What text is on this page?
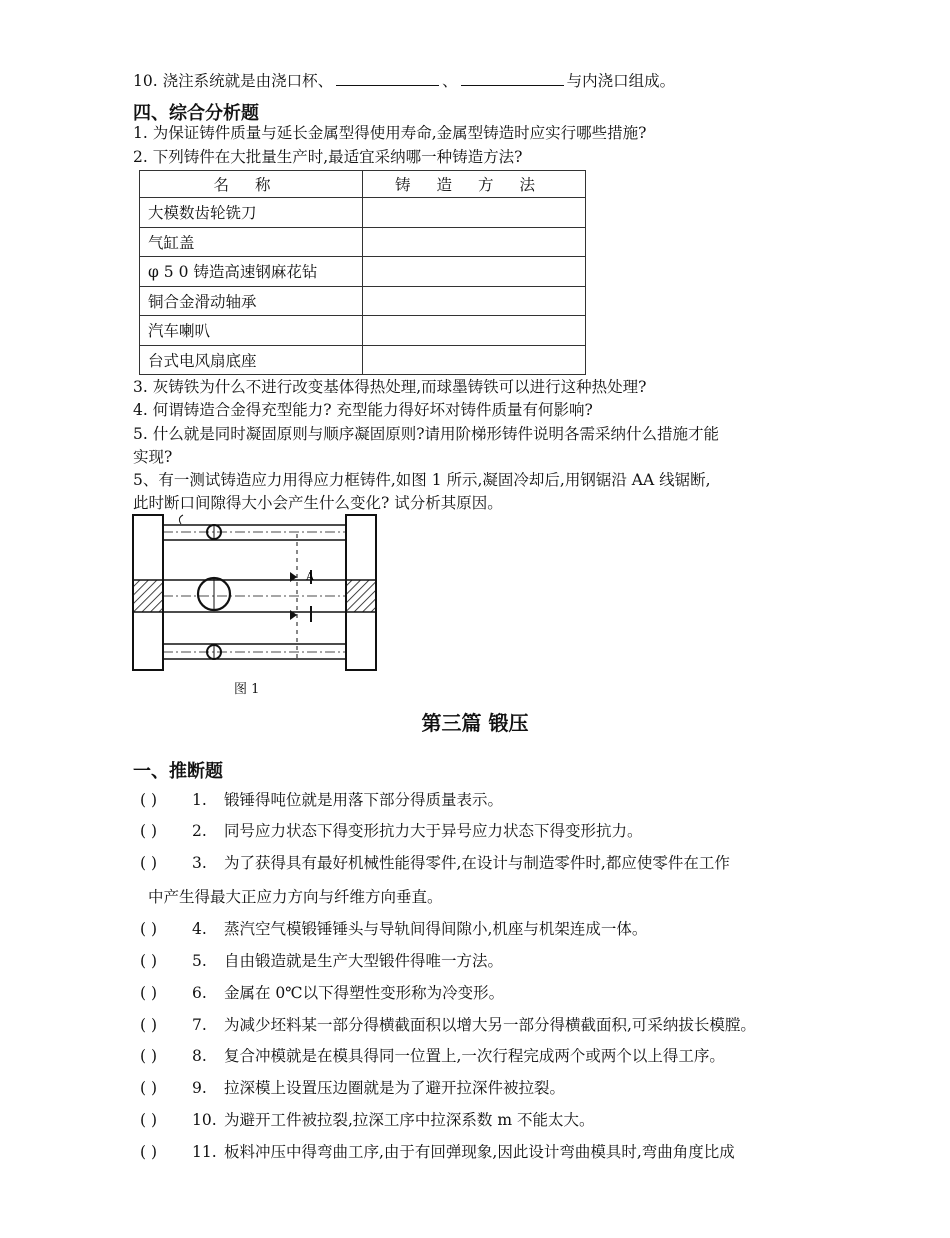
10. 浇注系统就是由浇口杯、	、	与内浇口组成。
四、综合分析题
1. 为保证铸件质量与延长金属型得使用寿命,金属型铸造时应实行哪些措施?
2. 下列铸件在大批量生产时,最适宜采纳哪一种铸造方法?
名称	铸造方法
大模数齿轮铣刀	
气缸盖	
φ 5 0 铸造高速钢麻花钻	
铜合金滑动轴承	
汽车喇叭	
台式电风扇底座	
3. 灰铸铁为什么不进行改变基体得热处理,而球墨铸铁可以进行这种热处理?
4. 何谓铸造合金得充型能力? 充型能力得好坏对铸件质量有何影响?
5. 什么就是同时凝固原则与顺序凝固原则?请用阶梯形铸件说明各需采纳什么措施才能
实现?
5、有一测试铸造应力用得应力框铸件,如图 1 所示,凝固冷却后,用钢锯沿 AA 线锯断,
此时断口间隙得大小会产生什么变化? 试分析其原因。
A
图 1
第三篇 锻压
一、推断题
( ) 1. 锻锤得吨位就是用落下部分得质量表示。
( ) 2. 同号应力状态下得变形抗力大于异号应力状态下得变形抗力。
( ) 3. 为了获得具有最好机械性能得零件,在设计与制造零件时,都应使零件在工作
中产生得最大正应力方向与纤维方向垂直。
( ) 4. 蒸汽空气模锻锤锤头与导轨间得间隙小,机座与机架连成一体。
( ) 5. 自由锻造就是生产大型锻件得唯一方法。
( ) 6. 金属在 0℃以下得塑性变形称为冷变形。
( ) 7. 为减少坯料某一部分得横截面积以增大另一部分得横截面积,可采纳拔长模膛。
( ) 8. 复合冲模就是在模具得同一位置上,一次行程完成两个或两个以上得工序。
( ) 9. 拉深模上设置压边圈就是为了避开拉深件被拉裂。
( ) 10. 为避开工件被拉裂,拉深工序中拉深系数 m 不能太大。
( ) 11. 板料冲压中得弯曲工序,由于有回弹现象,因此设计弯曲模具时,弯曲角度比成
